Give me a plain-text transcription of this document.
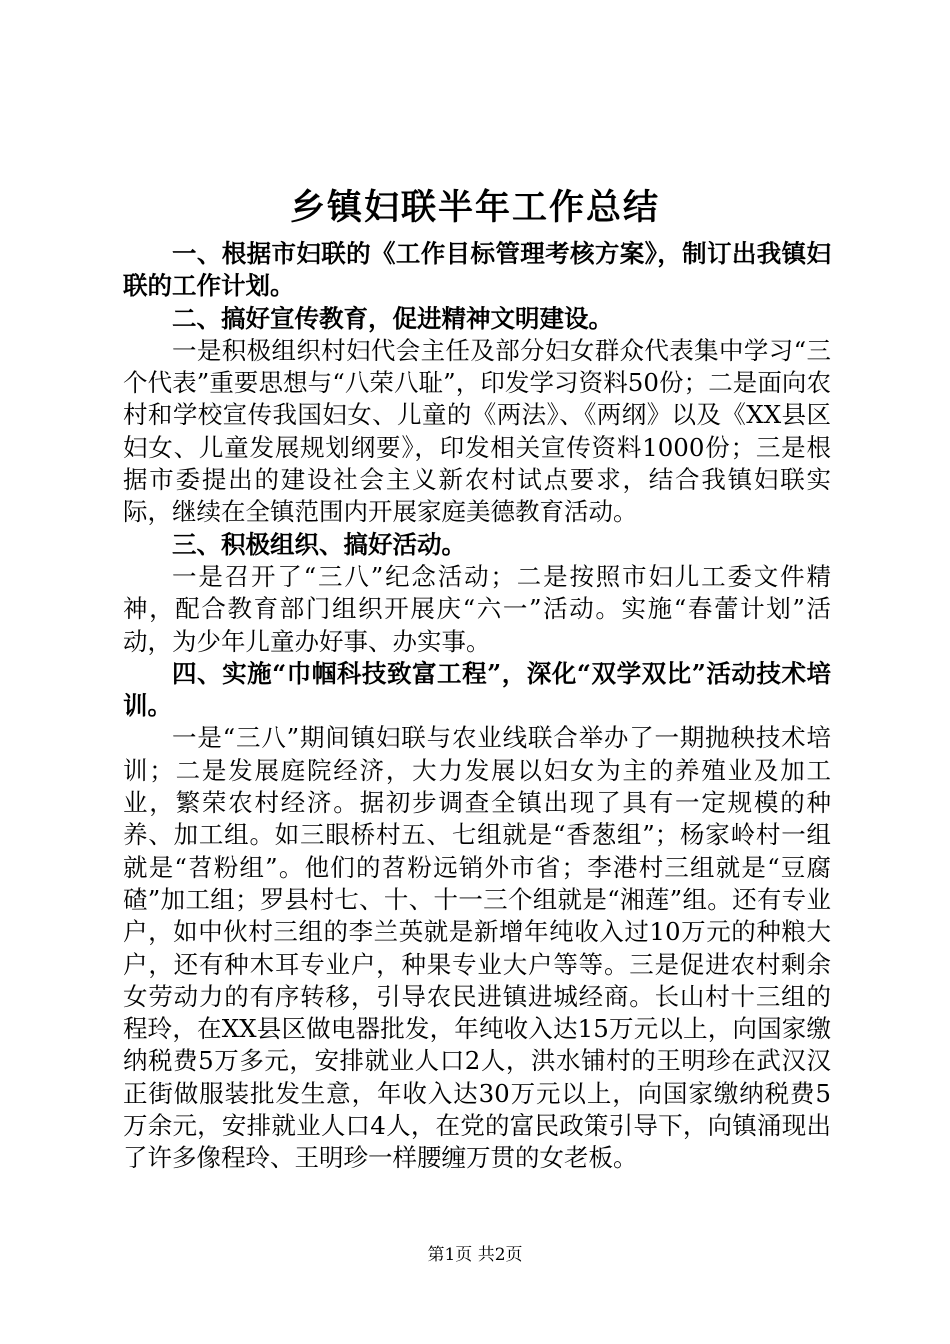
乡镇妇联半年工作总结

一、根据市妇联的《工作目标管理考核方案》，制订出我镇妇联的工作计划。

二、搞好宣传教育，促进精神文明建设。

一是积极组织村妇代会主任及部分妇女群众代表集中学习“三个代表”重要思想与“八荣八耻”，印发学习资料50份；二是面向农村和学校宣传我国妇女、儿童的《两法》、《两纲》以及《XX县区妇女、儿童发展规划纲要》，印发相关宣传资料1000份；三是根据市委提出的建设社会主义新农村试点要求，结合我镇妇联实际，继续在全镇范围内开展家庭美德教育活动。

三、积极组织、搞好活动。

一是召开了“三八”纪念活动；二是按照市妇儿工委文件精神，配合教育部门组织开展庆“六一”活动。实施“春蕾计划”活动，为少年儿童办好事、办实事。

四、实施“巾帼科技致富工程”，深化“双学双比”活动技术培训。

一是“三八”期间镇妇联与农业线联合举办了一期抛秧技术培训；二是发展庭院经济，大力发展以妇女为主的养殖业及加工业，繁荣农村经济。据初步调查全镇出现了具有一定规模的种养、加工组。如三眼桥村五、七组就是“香葱组”；杨家岭村一组就是“苕粉组”。他们的苕粉远销外市省；李港村三组就是“豆腐碴”加工组；罗县村七、十、十一三个组就是“湘莲”组。还有专业户，如中伙村三组的李兰英就是新增年纯收入过10万元的种粮大户，还有种木耳专业户，种果专业大户等等。三是促进农村剩余女劳动力的有序转移，引导农民进镇进城经商。长山村十三组的程玲，在XX县区做电器批发，年纯收入达15万元以上，向国家缴纳税费5万多元，安排就业人口2人，洪水铺村的王明珍在武汉汉正街做服装批发生意，年收入达30万元以上，向国家缴纳税费5万余元，安排就业人口4人，在党的富民政策引导下，向镇涌现出了许多像程玲、王明珍一样腰缠万贯的女老板。

第1页 共2页
